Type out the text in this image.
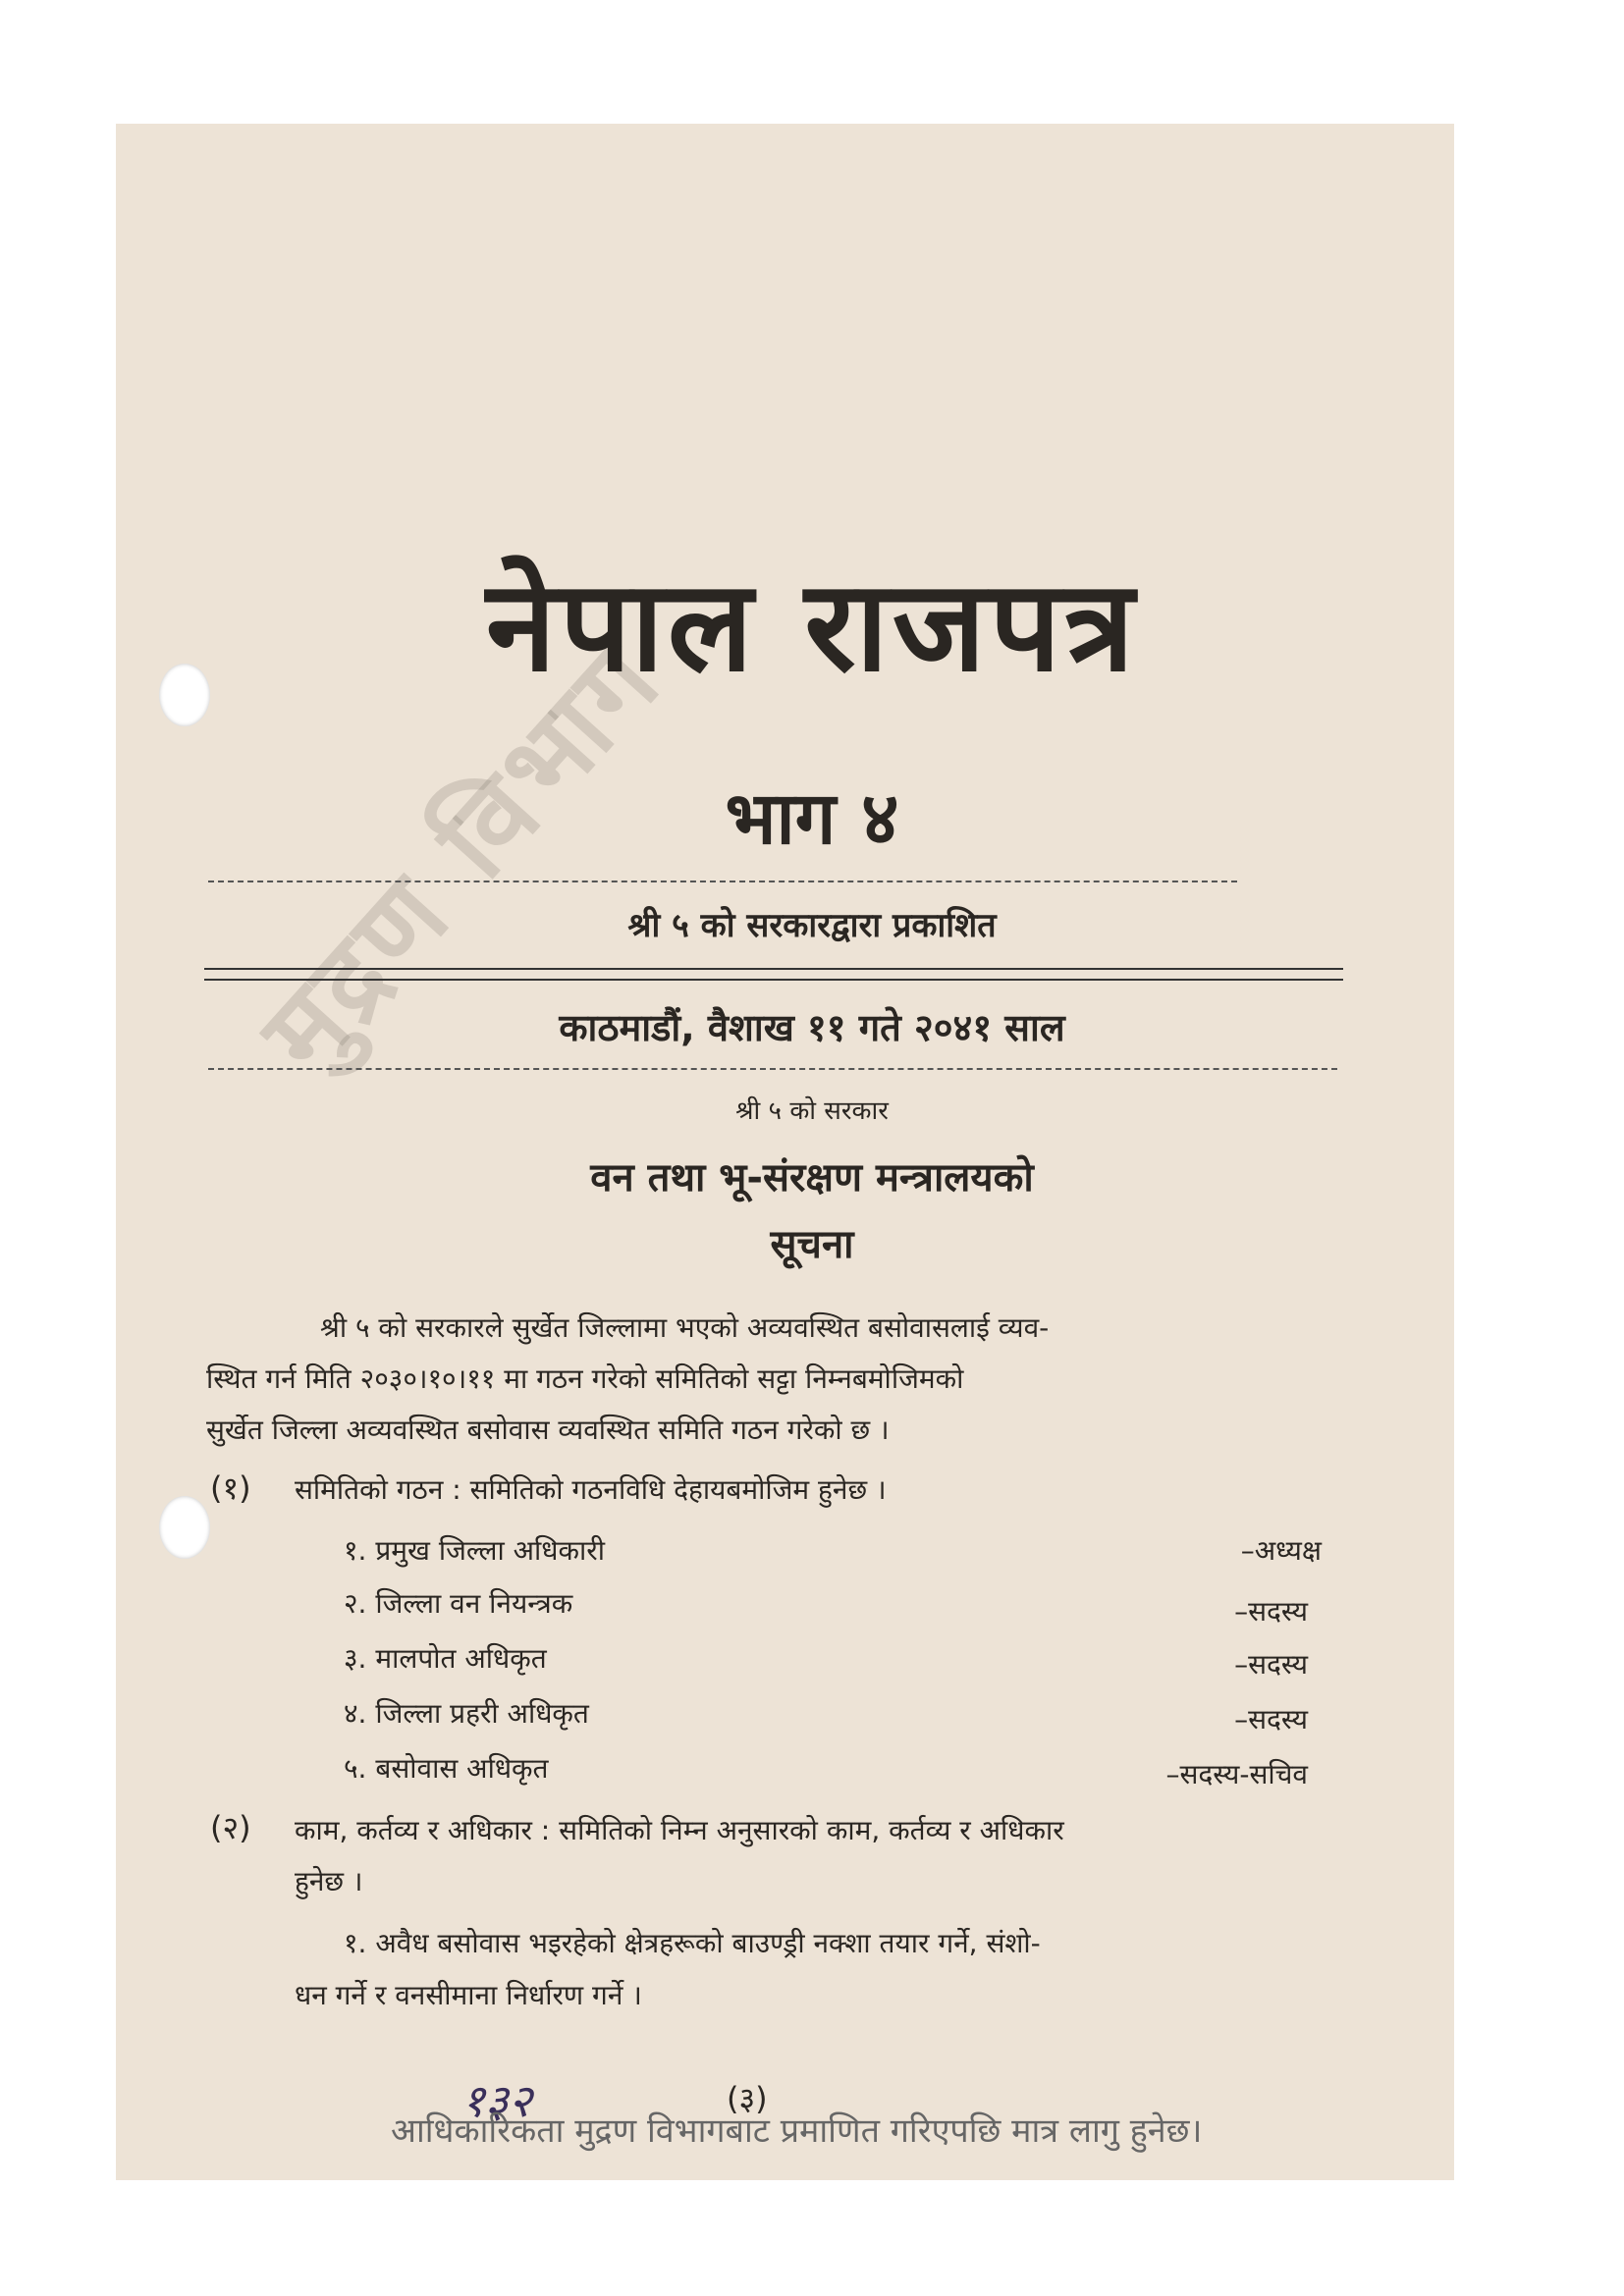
मुद्रण विभाग
नेपाल राजपत्र
भाग ४
श्री ५ को सरकारद्वारा प्रकाशित
काठमाडौं, वैशाख ११ गते २०४१ साल
श्री ५ को सरकार
वन तथा भू-संरक्षण मन्त्रालयको
सूचना
श्री ५ को सरकारले सुर्खेत जिल्लामा भएको अव्यवस्थित बसोवासलाई व्यव-
स्थित गर्न मिति २०३०।१०।११ मा गठन गरेको समितिको सट्टा निम्नबमोजिमको
सुर्खेत जिल्ला अव्यवस्थित बसोवास व्यवस्थित समिति गठन गरेको छ ।
(१) समितिको गठन : समितिको गठनविधि देहायबमोजिम हुनेछ ।
१. प्रमुख जिल्ला अधिकारी	–अध्यक्ष
२. जिल्ला वन नियन्त्रक	–सदस्य
३. मालपोत अधिकृत	–सदस्य
४. जिल्ला प्रहरी अधिकृत	–सदस्य
५. बसोवास अधिकृत	–सदस्य-सचिव
(२) काम, कर्तव्य र अधिकार : समितिको निम्न अनुसारको काम, कर्तव्य र अधिकार
हुनेछ ।
१. अवैध बसोवास भइरहेको क्षेत्रहरूको बाउण्ड्री नक्शा तयार गर्ने, संशो-
धन गर्ने र वनसीमाना निर्धारण गर्ने ।
१३२	(३)
आधिकारिकता मुद्रण विभागबाट प्रमाणित गरिएपछि मात्र लागु हुनेछ।
